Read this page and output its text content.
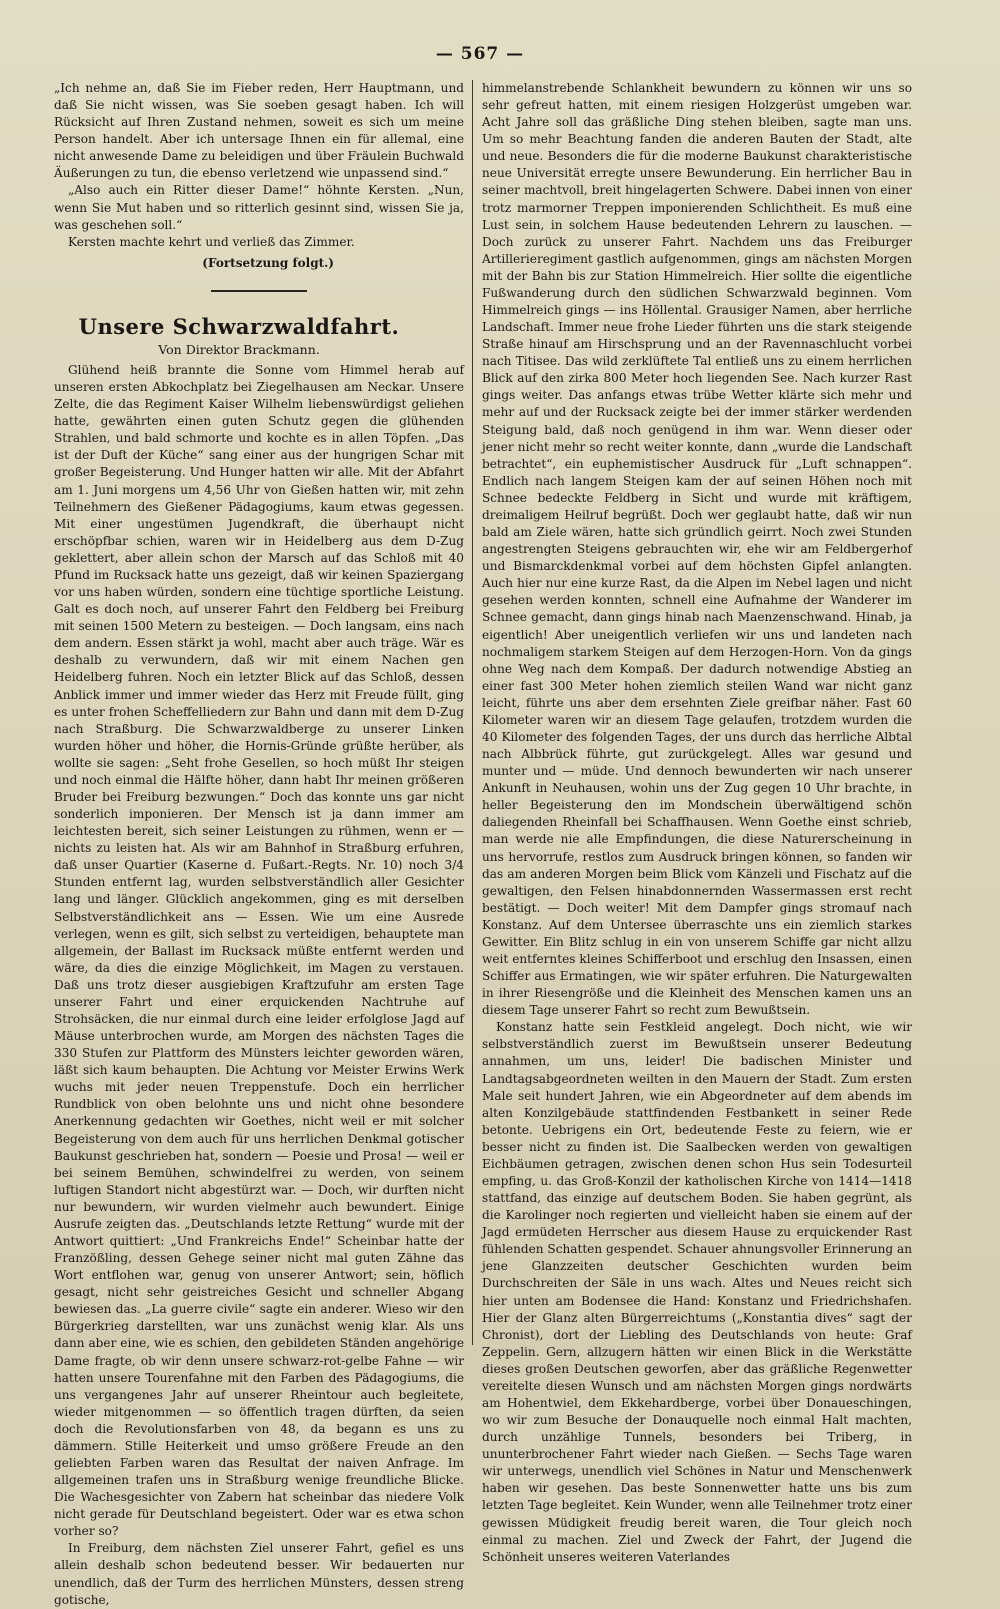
— 567 —

„Ich nehme an, daß Sie im Fieber reden, Herr Hauptmann, und daß Sie nicht wissen, was Sie soeben gesagt haben. Ich will Rücksicht auf Ihren Zustand nehmen, soweit es sich um meine Person handelt. Aber ich untersage Ihnen ein für allemal, eine nicht anwesende Dame zu beleidigen und über Fräulein Buchwald Äußerungen zu tun, die ebenso verletzend wie unpassend sind.“

„Also auch ein Ritter dieser Dame!“ höhnte Kersten. „Nun, wenn Sie Mut haben und so ritterlich gesinnt sind, wissen Sie ja, was geschehen soll.“

Kersten machte kehrt und verließ das Zimmer.

(Fortsetzung folgt.)
Unsere Schwarzwaldfahrt.
Von Direktor Brackmann.

Glühend heiß brannte die Sonne vom Himmel herab auf unseren ersten Abkochplatz bei Ziegelhausen am Neckar. Unsere Zelte, die das Regiment Kaiser Wilhelm liebenswürdigst geliehen hatte, gewährten einen guten Schutz gegen die glühenden Strahlen, und bald schmorte und kochte es in allen Töpfen. „Das ist der Duft der Küche“ sang einer aus der hungrigen Schar mit großer Begeisterung. Und Hunger hatten wir alle. Mit der Abfahrt am 1. Juni morgens um 4,56 Uhr von Gießen hatten wir, mit zehn Teilnehmern des Gießener Pädagogiums, kaum etwas gegessen. Mit einer ungestümen Jugendkraft, die überhaupt nicht erschöpfbar schien, waren wir in Heidelberg aus dem D-Zug geklettert, aber allein schon der Marsch auf das Schloß mit 40 Pfund im Rucksack hatte uns gezeigt, daß wir keinen Spaziergang vor uns haben würden, sondern eine tüchtige sportliche Leistung. Galt es doch noch, auf unserer Fahrt den Feldberg bei Freiburg mit seinen 1500 Metern zu besteigen. — Doch langsam, eins nach dem andern. Essen stärkt ja wohl, macht aber auch träge. Wär es deshalb zu verwundern, daß wir mit einem Nachen gen Heidelberg fuhren. Noch ein letzter Blick auf das Schloß, dessen Anblick immer und immer wieder das Herz mit Freude füllt, ging es unter frohen Scheffelliedern zur Bahn und dann mit dem D-Zug nach Straßburg. Die Schwarzwaldberge zu unserer Linken wurden höher und höher, die Hornis-Gründe grüßte herüber, als wollte sie sagen: „Seht frohe Gesellen, so hoch müßt Ihr steigen und noch einmal die Hälfte höher, dann habt Ihr meinen größeren Bruder bei Freiburg bezwungen.“ Doch das konnte uns gar nicht sonderlich imponieren. Der Mensch ist ja dann immer am leichtesten bereit, sich seiner Leistungen zu rühmen, wenn er — nichts zu leisten hat. Als wir am Bahnhof in Straßburg erfuhren, daß unser Quartier (Kaserne d. Fußart.-Regts. Nr. 10) noch 3/4 Stunden entfernt lag, wurden selbstverständlich aller Gesichter lang und länger. Glücklich angekommen, ging es mit derselben Selbstverständlichkeit ans — Essen. Wie um eine Ausrede verlegen, wenn es gilt, sich selbst zu verteidigen, behauptete man allgemein, der Ballast im Rucksack müßte entfernt werden und wäre, da dies die einzige Möglichkeit, im Magen zu verstauen. Daß uns trotz dieser ausgiebigen Kraftzufuhr am ersten Tage unserer Fahrt und einer erquickenden Nachtruhe auf Strohsäcken, die nur einmal durch eine leider erfolglose Jagd auf Mäuse unterbrochen wurde, am Morgen des nächsten Tages die 330 Stufen zur Plattform des Münsters leichter geworden wären, läßt sich kaum behaupten. Die Achtung vor Meister Erwins Werk wuchs mit jeder neuen Treppenstufe. Doch ein herrlicher Rundblick von oben belohnte uns und nicht ohne besondere Anerkennung gedachten wir Goethes, nicht weil er mit solcher Begeisterung von dem auch für uns herrlichen Denkmal gotischer Baukunst geschrieben hat, sondern — Poesie und Prosa! — weil er bei seinem Bemühen, schwindelfrei zu werden, von seinem luftigen Standort nicht abgestürzt war. — Doch, wir durften nicht nur bewundern, wir wurden vielmehr auch bewundert. Einige Ausrufe zeigten das. „Deutschlands letzte Rettung“ wurde mit der Antwort quittiert: „Und Frankreichs Ende!“ Scheinbar hatte der Franzößling, dessen Gehege seiner nicht mal guten Zähne das Wort entflohen war, genug von unserer Antwort; sein, höflich gesagt, nicht sehr geistreiches Gesicht und schneller Abgang bewiesen das. „La guerre civile“ sagte ein anderer. Wieso wir den Bürgerkrieg darstellten, war uns zunächst wenig klar. Als uns dann aber eine, wie es schien, den gebildeten Ständen angehörige Dame fragte, ob wir denn unsere schwarz-rot-gelbe Fahne — wir hatten unsere Tourenfahne mit den Farben des Pädagogiums, die uns vergangenes Jahr auf unserer Rheintour auch begleitete, wieder mitgenommen — so öffentlich tragen dürften, da seien doch die Revolutionsfarben von 48, da begann es uns zu dämmern. Stille Heiterkeit und umso größere Freude an den geliebten Farben waren das Resultat der naiven Anfrage. Im allgemeinen trafen uns in Straßburg wenige freundliche Blicke. Die Wachesgesichter von Zabern hat scheinbar das niedere Volk nicht gerade für Deutschland begeistert. Oder war es etwa schon vorher so?

In Freiburg, dem nächsten Ziel unserer Fahrt, gefiel es uns allein deshalb schon bedeutend besser. Wir bedauerten nur unendlich, daß der Turm des herrlichen Münsters, dessen streng gotische,

himmelanstrebende Schlankheit bewundern zu können wir uns so sehr gefreut hatten, mit einem riesigen Holzgerüst umgeben war. Acht Jahre soll das gräßliche Ding stehen bleiben, sagte man uns. Um so mehr Beachtung fanden die anderen Bauten der Stadt, alte und neue. Besonders die für die moderne Baukunst charakteristische neue Universität erregte unsere Bewunderung. Ein herrlicher Bau in seiner machtvoll, breit hingelagerten Schwere. Dabei innen von einer trotz marmorner Treppen imponierenden Schlichtheit. Es muß eine Lust sein, in solchem Hause bedeutenden Lehrern zu lauschen. — Doch zurück zu unserer Fahrt. Nachdem uns das Freiburger Artillerieregiment gastlich aufgenommen, gings am nächsten Morgen mit der Bahn bis zur Station Himmelreich. Hier sollte die eigentliche Fußwanderung durch den südlichen Schwarzwald beginnen. Vom Himmelreich gings — ins Höllental. Grausiger Namen, aber herrliche Landschaft. Immer neue frohe Lieder führten uns die stark steigende Straße hinauf am Hirschsprung und an der Ravennaschlucht vorbei nach Titisee. Das wild zerklüftete Tal entließ uns zu einem herrlichen Blick auf den zirka 800 Meter hoch liegenden See. Nach kurzer Rast gings weiter. Das anfangs etwas trübe Wetter klärte sich mehr und mehr auf und der Rucksack zeigte bei der immer stärker werdenden Steigung bald, daß noch genügend in ihm war. Wenn dieser oder jener nicht mehr so recht weiter konnte, dann „wurde die Landschaft betrachtet“, ein euphemistischer Ausdruck für „Luft schnappen“. Endlich nach langem Steigen kam der auf seinen Höhen noch mit Schnee bedeckte Feldberg in Sicht und wurde mit kräftigem, dreimaligem Heilruf begrüßt. Doch wer geglaubt hatte, daß wir nun bald am Ziele wären, hatte sich gründlich geirrt. Noch zwei Stunden angestrengten Steigens gebrauchten wir, ehe wir am Feldbergerhof und Bismarckdenkmal vorbei auf dem höchsten Gipfel anlangten. Auch hier nur eine kurze Rast, da die Alpen im Nebel lagen und nicht gesehen werden konnten, schnell eine Aufnahme der Wanderer im Schnee gemacht, dann gings hinab nach Maenzenschwand. Hinab, ja eigentlich! Aber uneigentlich verliefen wir uns und landeten nach nochmaligem starkem Steigen auf dem Herzogen-Horn. Von da gings ohne Weg nach dem Kompaß. Der dadurch notwendige Abstieg an einer fast 300 Meter hohen ziemlich steilen Wand war nicht ganz leicht, führte uns aber dem ersehnten Ziele greifbar näher. Fast 60 Kilometer waren wir an diesem Tage gelaufen, trotzdem wurden die 40 Kilometer des folgenden Tages, der uns durch das herrliche Albtal nach Albbrück führte, gut zurückgelegt. Alles war gesund und munter und — müde. Und dennoch bewunderten wir nach unserer Ankunft in Neuhausen, wohin uns der Zug gegen 10 Uhr brachte, in heller Begeisterung den im Mondschein überwältigend schön daliegenden Rheinfall bei Schaffhausen. Wenn Goethe einst schrieb, man werde nie alle Empfindungen, die diese Naturerscheinung in uns hervorrufe, restlos zum Ausdruck bringen können, so fanden wir das am anderen Morgen beim Blick vom Känzeli und Fischatz auf die gewaltigen, den Felsen hinabdonnernden Wassermassen erst recht bestätigt. — Doch weiter! Mit dem Dampfer gings stromauf nach Konstanz. Auf dem Untersee überraschte uns ein ziemlich starkes Gewitter. Ein Blitz schlug in ein von unserem Schiffe gar nicht allzu weit entferntes kleines Schifferboot und erschlug den Insassen, einen Schiffer aus Ermatingen, wie wir später erfuhren. Die Naturgewalten in ihrer Riesengröße und die Kleinheit des Menschen kamen uns an diesem Tage unserer Fahrt so recht zum Bewußtsein.

Konstanz hatte sein Festkleid angelegt. Doch nicht, wie wir selbstverständlich zuerst im Bewußtsein unserer Bedeutung annahmen, um uns, leider! Die badischen Minister und Landtagsabgeordneten weilten in den Mauern der Stadt. Zum ersten Male seit hundert Jahren, wie ein Abgeordneter auf dem abends im alten Konzilgebäude stattfindenden Festbankett in seiner Rede betonte. Uebrigens ein Ort, bedeutende Feste zu feiern, wie er besser nicht zu finden ist. Die Saalbecken werden von gewaltigen Eichbäumen getragen, zwischen denen schon Hus sein Todesurteil empfing, u. das Groß-Konzil der katholischen Kirche von 1414—1418 stattfand, das einzige auf deutschem Boden. Sie haben gegrünt, als die Karolinger noch regierten und vielleicht haben sie einem auf der Jagd ermüdeten Herrscher aus diesem Hause zu erquickender Rast fühlenden Schatten gespendet. Schauer ahnungsvoller Erinnerung an jene Glanzzeiten deutscher Geschichten wurden beim Durchschreiten der Säle in uns wach. Altes und Neues reicht sich hier unten am Bodensee die Hand: Konstanz und Friedrichshafen. Hier der Glanz alten Bürgerreichtums („Konstantia dives“ sagt der Chronist), dort der Liebling des Deutschlands von heute: Graf Zeppelin. Gern, allzugern hätten wir einen Blick in die Werkstätte dieses großen Deutschen geworfen, aber das gräßliche Regenwetter vereitelte diesen Wunsch und am nächsten Morgen gings nordwärts am Hohentwiel, dem Ekkehardberge, vorbei über Donaueschingen, wo wir zum Besuche der Donauquelle noch einmal Halt machten, durch unzählige Tunnels, besonders bei Triberg, in ununterbrochener Fahrt wieder nach Gießen. — Sechs Tage waren wir unterwegs, unendlich viel Schönes in Natur und Menschenwerk haben wir gesehen. Das beste Sonnenwetter hatte uns bis zum letzten Tage begleitet. Kein Wunder, wenn alle Teilnehmer trotz einer gewissen Müdigkeit freudig bereit waren, die Tour gleich noch einmal zu machen. Ziel und Zweck der Fahrt, der Jugend die Schönheit unseres weiteren Vaterlandes
